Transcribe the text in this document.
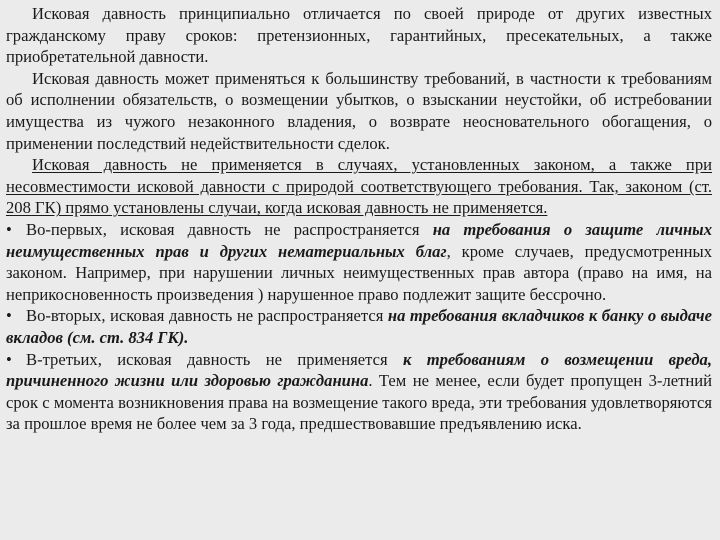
Исковая давность принципиально отличается по своей природе от других известных гражданскому праву сроков: претензионных, гарантийных, пресекательных, а также приобретательной давности.

Исковая давность может применяться к большинству требований, в частности к требованиям об исполнении обязательств, о возмещении убытков, о взыскании неустойки, об истребовании имущества из чужого незаконного владения, о возврате неосновательного обогащения, о применении последствий недействительности сделок.

Исковая давность не применяется в случаях, установленных законом, а также при несовместимости исковой давности с природой соответствующего требования. Так, законом (ст. 208 ГК) прямо установлены случаи, когда исковая давность не применяется.

• Во-первых, исковая давность не распространяется на требования о защите личных неимущественных прав и других нематериальных благ, кроме случаев, предусмотренных законом. Например, при нарушении личных неимущественных прав автора (право на имя, на неприкосновенность произведения ) нарушенное право подлежит защите бессрочно.

• Во-вторых, исковая давность не распространяется на требования вкладчиков к банку о выдаче вкладов (см. ст. 834 ГК).

• В-третьих, исковая давность не применяется к требованиям о возмещении вреда, причиненного жизни или здоровью гражданина. Тем не менее, если будет пропущен 3-летний срок с момента возникновения права на возмещение такого вреда, эти требования удовлетворяются за прошлое время не более чем за 3 года, предшествовавшие предъявлению иска.
